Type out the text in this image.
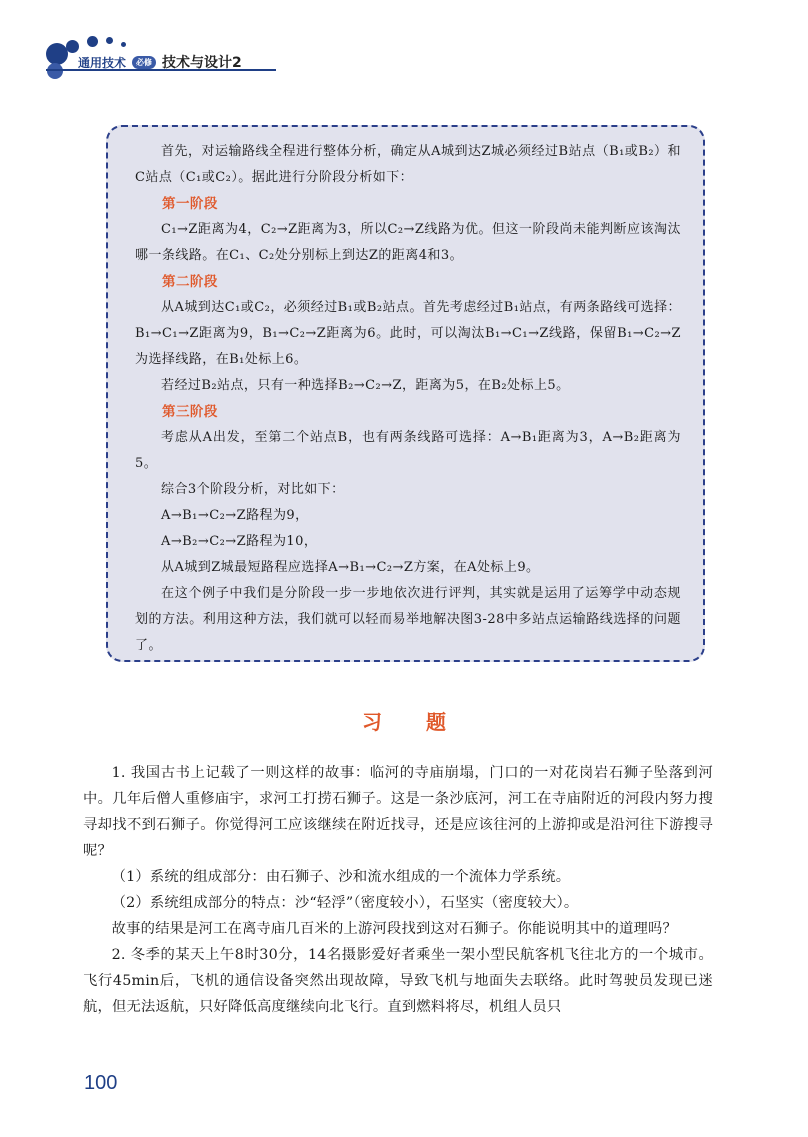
通用技术	必修 技术与设计2

首先，对运输路线全程进行整体分析，确定从A城到达Z城必须经过B站点（B₁或B₂）和C站点（C₁或C₂）。据此进行分阶段分析如下：

第一阶段

C₁→Z距离为4，C₂→Z距离为3，所以C₂→Z线路为优。但这一阶段尚未能判断应该淘汰哪一条线路。在C₁、C₂处分别标上到达Z的距离4和3。

第二阶段

从A城到达C₁或C₂，必须经过B₁或B₂站点。首先考虑经过B₁站点，有两条路线可选择：B₁→C₁→Z距离为9，B₁→C₂→Z距离为6。此时，可以淘汰B₁→C₁→Z线路，保留B₁→C₂→Z为选择线路，在B₁处标上6。

若经过B₂站点，只有一种选择B₂→C₂→Z，距离为5，在B₂处标上5。

第三阶段

考虑从A出发，至第二个站点B，也有两条线路可选择：A→B₁距离为3，A→B₂距离为5。

综合3个阶段分析，对比如下：

A→B₁→C₂→Z路程为9，

A→B₂→C₂→Z路程为10，

从A城到Z城最短路程应选择A→B₁→C₂→Z方案，在A处标上9。

在这个例子中我们是分阶段一步一步地依次进行评判，其实就是运用了运筹学中动态规划的方法。利用这种方法，我们就可以轻而易举地解决图3-28中多站点运输路线选择的问题了。

习题

1. 我国古书上记载了一则这样的故事：临河的寺庙崩塌，门口的一对花岗岩石狮子坠落到河中。几年后僧人重修庙宇，求河工打捞石狮子。这是一条沙底河，河工在寺庙附近的河段内努力搜寻却找不到石狮子。你觉得河工应该继续在附近找寻，还是应该往河的上游抑或是沿河往下游搜寻呢？

（1）系统的组成部分：由石狮子、沙和流水组成的一个流体力学系统。

（2）系统组成部分的特点：沙“轻浮”（密度较小），石坚实（密度较大）。

故事的结果是河工在离寺庙几百米的上游河段找到这对石狮子。你能说明其中的道理吗？

2. 冬季的某天上午8时30分，14名摄影爱好者乘坐一架小型民航客机飞往北方的一个城市。飞行45min后，飞机的通信设备突然出现故障，导致飞机与地面失去联络。此时驾驶员发现已迷航，但无法返航，只好降低高度继续向北飞行。直到燃料将尽，机组人员只

100
